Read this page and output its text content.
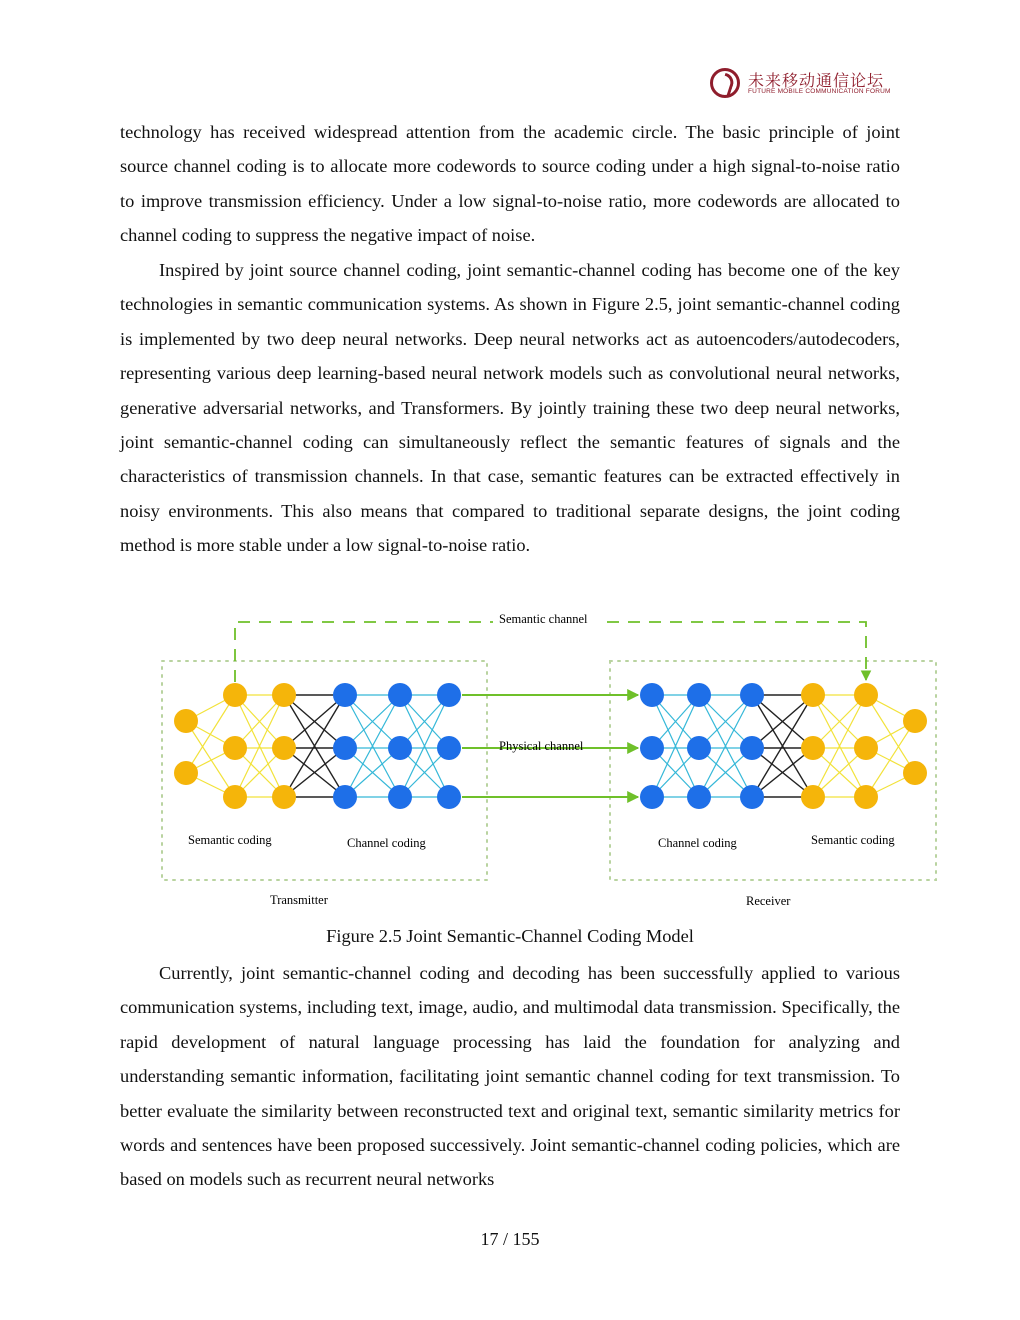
未来移动通信论坛
FUTURE MOBILE COMMUNICATION FORUM

technology has received widespread attention from the academic circle. The basic principle of joint source channel coding is to allocate more codewords to source coding under a high signal-to-noise ratio to improve transmission efficiency. Under a low signal-to-noise ratio, more codewords are allocated to channel coding to suppress the negative impact of noise.

Inspired by joint source channel coding, joint semantic-channel coding has become one of the key technologies in semantic communication systems. As shown in Figure 2.5, joint semantic-channel coding is implemented by two deep neural networks. Deep neural networks act as autoencoders/autodecoders, representing various deep learning-based neural network models such as convolutional neural networks, generative adversarial networks, and Transformers. By jointly training these two deep neural networks, joint semantic-channel coding can simultaneously reflect the semantic features of signals and the characteristics of transmission channels. In that case, semantic features can be extracted effectively in noisy environments. This also means that compared to traditional separate designs, the joint coding method is more stable under a low signal-to-noise ratio.

Semantic channel
Physical channel
Semantic coding	Channel coding	Channel coding	Semantic coding
Transmitter	Receiver
Figure 2.5 Joint Semantic-Channel Coding Model

Currently, joint semantic-channel coding and decoding has been successfully applied to various communication systems, including text, image, audio, and multimodal data transmission. Specifically, the rapid development of natural language processing has laid the foundation for analyzing and understanding semantic information, facilitating joint semantic channel coding for text transmission. To better evaluate the similarity between reconstructed text and original text, semantic similarity metrics for words and sentences have been proposed successively. Joint semantic-channel coding policies, which are based on models such as recurrent neural networks

17 / 155
